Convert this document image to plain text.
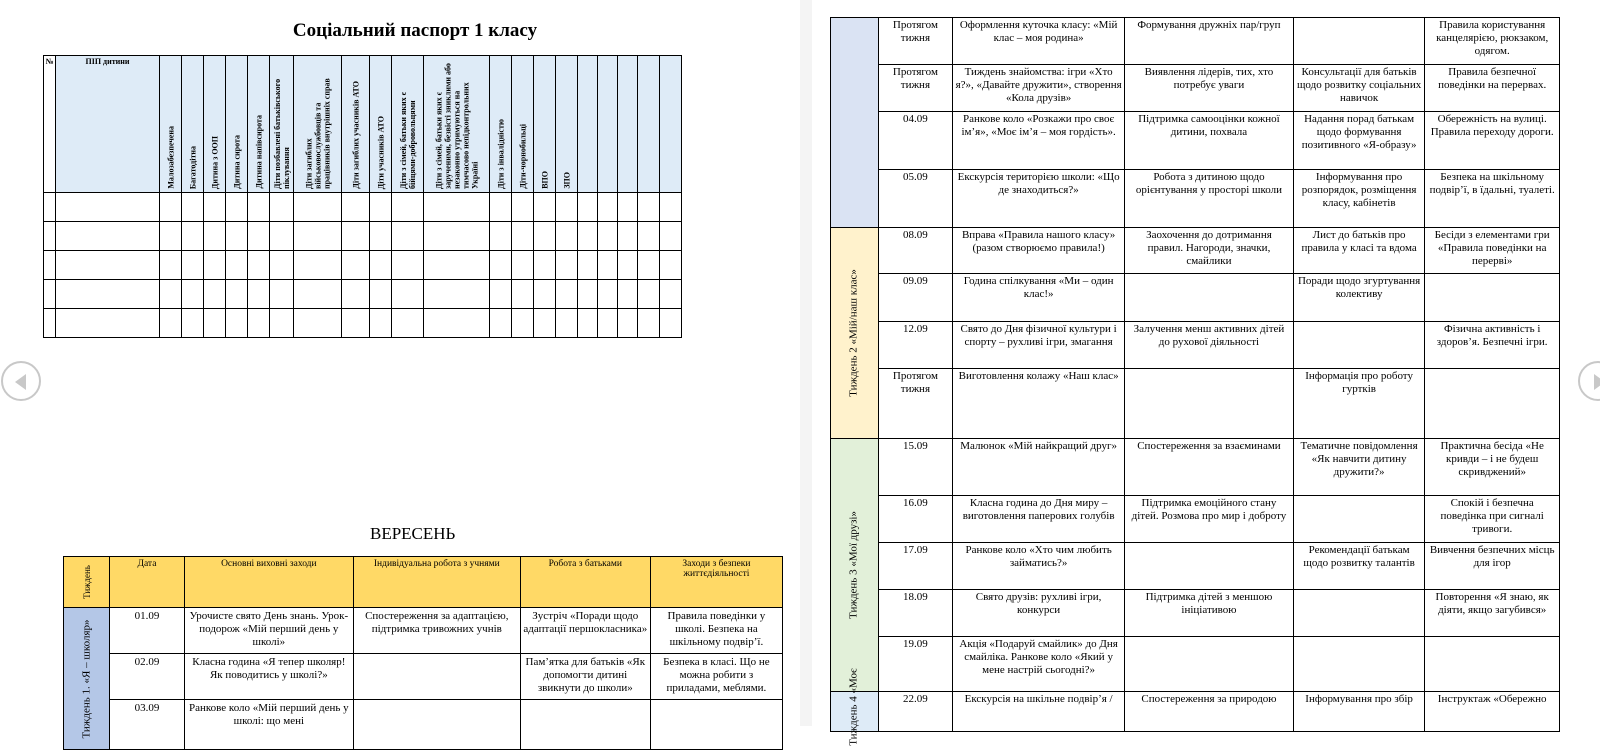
Соціальний паспорт 1 класу
№	ПІП дитини	Малозабезпечена	Багатодітна	Дитина з ООП	Дитина сирота	Дитина напівсирота	Діти позбавлені батьківського піклування	Діти загиблих військовослужбовців та працівників внутрішніх справ	Діти загиблих учасників АТО	Діти учасників АТО	Діти з сімей, батьки яких є бійцями-добровольцями	Діти з сімей, батьки яких є зарученими, безвісті зниклими або незаконно утримуються на тимчасово непідконтрольних Україні	Діти з інвалідністю	Діти-чорнобильці	ВПО	ЗПО					

ВЕРЕСЕНЬ
Тиждень	Дата	Основні виховні заходи	Індивідуальна робота з учнями	Робота з батьками	Заходи з безпеки життєдіяльності

Тиждень 1. «Я – школяр»	01.09	Урочисте свято День знань. Урок-подорож «Мій перший день у школі»	Спостереження за адаптацією, підтримка тривожних учнів	Зустріч «Поради щодо адаптації першокласника»	Правила поведінки у школі. Безпека на шкільному подвір’ї.
	02.09	Класна година «Я тепер школяр! Як поводитись у школі?»		Пам’ятка для батьків «Як допомогти дитині звикнути до школи»	Безпека в класі. Що не можна робити з приладами, меблями.
	03.09	Ранкове коло «Мій перший день у школі: що мені			
	Протягом тижня	Оформлення куточка класу: «Мій клас – моя родина»	Формування дружніх пар/груп		Правила користування канцелярією, рюкзаком, одягом.
	Протягом тижня	Тиждень знайомства: ігри «Хто я?», «Давайте дружити», створення «Кола друзів»	Виявлення лідерів, тих, хто потребує уваги	Консультації для батьків щодо розвитку соціальних навичок	Правила безпечної поведінки на перервах.
	04.09	Ранкове коло «Розкажи про своє ім’я», «Моє ім’я – моя гордість».	Підтримка самооцінки кожної дитини, похвала	Надання порад батькам щодо формування позитивного «Я-образу»	Обережність на вулиці. Правила переходу дороги.
	05.09	Екскурсія територією школи: «Що де знаходиться?»	Робота з дитиною щодо орієнтування у просторі школи	Інформування про розпорядок, розміщення класу, кабінетів	Безпека на шкільному подвір’ї, в їдальні, туалеті.

Тиждень 2 «Мій/наш клас»	08.09	Вправа «Правила нашого класу» (разом створюємо правила!)	Заохочення до дотримання правил. Нагороди, значки, смайлики	Лист до батьків про правила у класі та вдома	Бесіди з елементами гри «Правила поведінки на перерві»
	09.09	Година спілкування «Ми – один клас!»		Поради щодо згуртування колективу	
	12.09	Свято до Дня фізичної культури і спорту – рухливі ігри, змагання	Залучення менш активних дітей до рухової діяльності		Фізична активність і здоров’я. Безпечні ігри.
	Протягом тижня	Виготовлення колажу «Наш клас»		Інформація про роботу гуртків	

Тиждень 3 «Мої друзі»	15.09	Малюнок «Мій найкращий друг»	Спостереження за взаєминами	Тематичне повідомлення «Як навчити дитину дружити?»	Практична бесіда «Не кривди – і не будеш скривджений»
	16.09	Класна година до Дня миру – виготовлення паперових голубів	Підтримка емоційного стану дітей. Розмова про мир і доброту		Спокій і безпечна поведінка при сигналі тривоги.
	17.09	Ранкове коло «Хто чим любить займатись?»		Рекомендації батькам щодо розвитку талантів	Вивчення безпечних місць для ігор
	18.09	Свято друзів: рухливі ігри, конкурси	Підтримка дітей з меншою ініціативою		Повторення «Я знаю, як діяти, якщо загубився»
	19.09	Акція «Подаруй смайлик» до Дня смайліка. Ранкове коло «Який у мене настрій сьогодні?»			

Тиждень 4 «Моє	22.09	Екскурсія на шкільне подвір’я /	Спостереження за природою	Інформування про збір	Інструктаж «Обережно
